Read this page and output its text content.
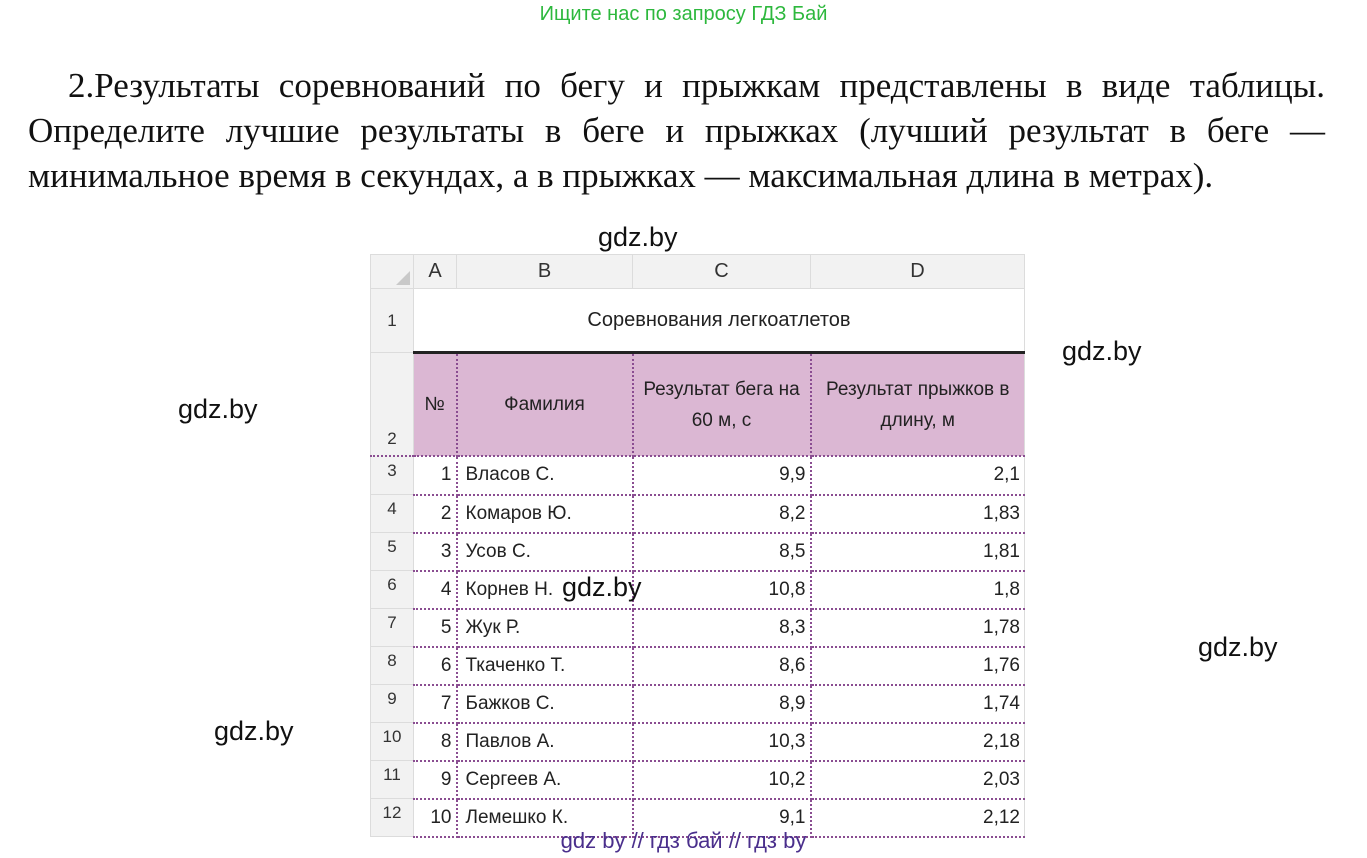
Ищите нас по запросу ГДЗ Бай

2.Результаты соревнований по бегу и прыжкам представлены в виде таблицы. Определите лучшие результаты в беге и прыжках (лучший результат в беге — минимальное время в секундах, а в прыжках — максимальная длина в метрах).

gdz.by
gdz.by
gdz.by
gdz.by
gdz.by
	A	B	C	D
1	Соревнования легкоатлетов			
2	№	Фамилия	Результат бега на 60 м, с	Результат прыжков в длину, м
3	1	Власов С.	9,9	2,1
4	2	Комаров Ю.	8,2	1,83
5	3	Усов С.	8,5	1,81
6	4	Корнев Н.	10,8	1,8
7	5	Жук Р.	8,3	1,78
8	6	Ткаченко Т.	8,6	1,76
9	7	Бажков С.	8,9	1,74
10	8	Павлов А.	10,3	2,18
11	9	Сергеев А.	10,2	2,03
12	10	Лемешко К.	9,1	2,12
gdz.by
gdz by // гдз бай // гдз by
